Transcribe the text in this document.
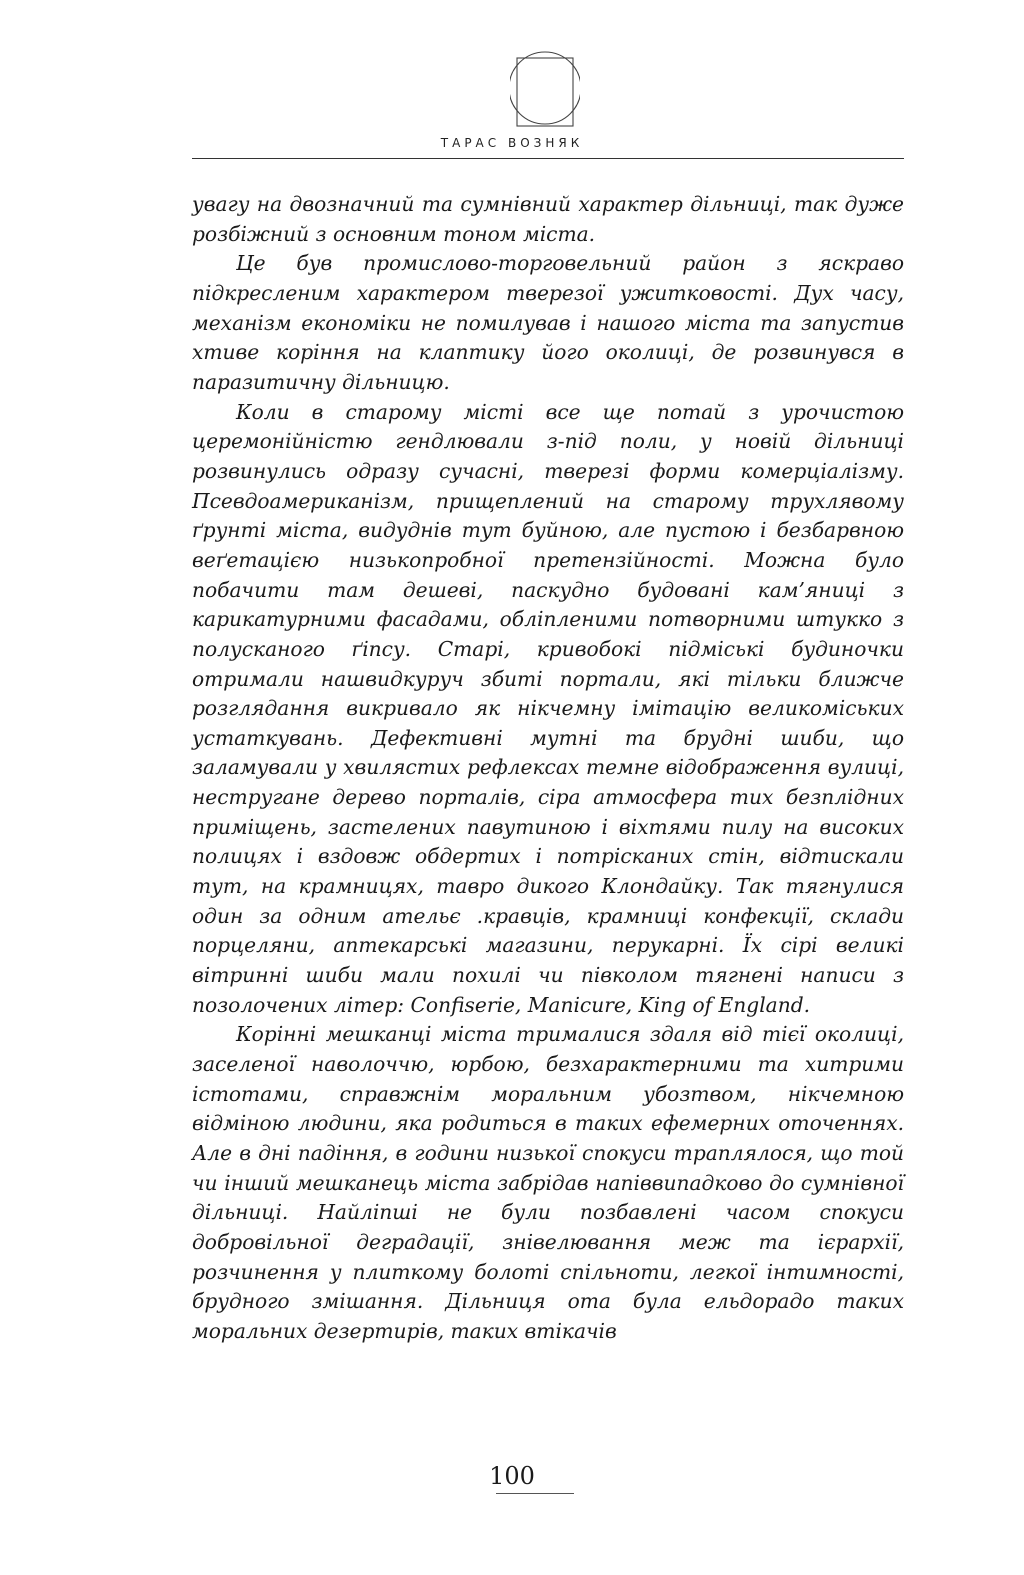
ТАРАС ВОЗНЯК

увагу на двозначний та сумнівний характер дільниці, так дуже розбіжний з основним тоном міста.

Це був промислово-торговельний район з яскраво підкресленим характером тверезої ужитковості. Дух часу, механізм економіки не помилував і нашого міста та запустив хтиве коріння на клаптику його околиці, де розвинувся в паразитичну дільницю.

Коли в старому місті все ще потай з урочистою церемонійністю гендлювали з-під поли, у новій дільниці розвинулись одразу сучасні, тверезі форми комерціалізму. Псевдоамериканізм, прищеплений на старому трухлявому ґрунті міста, видуднів тут буйною, але пустою і безбарвною веґетацією низькопробної претензійності. Можна було побачити там дешеві, паскудно будовані кам’яниці з карикатурними фасадами, обліпленими потворними штукко з полусканого ґіпсу. Старі, кривобокі підміські будиночки отримали нашвидкуруч збиті портали, які тільки ближче розглядання викривало як нікчемну імітацію великоміських устаткувань. Дефективні мутні та брудні шиби, що заламували у хвилястих рефлексах темне відображення вулиці, нестругане дерево порталів, сіра атмосфера тих безплідних приміщень, застелених павутиною і віхтями пилу на високих полицях і вздовж обдертих і потрісканих стін, відтискали тут, на крамницях, тавро дикого Клондайку. Так тягнулися один за одним ательє .кравців, крамниці конфекції, склади порцеляни, аптекарські магазини, перукарні. Їх сірі великі вітринні шиби мали похилі чи півколом тягнені написи з позолочених літер: Confiserie, Manicure, King of England.

Корінні мешканці міста трималися здаля від тієї околиці, заселеної наволоччю, юрбою, безхарактерними та хитрими істотами, справжнім моральним убозтвом, нікчемною відміною людини, яка родиться в таких ефемерних оточеннях. Але в дні падіння, в години низької спокуси траплялося, що той чи інший мешканець міста забрідав напіввипадково до сумнівної дільниці. Найліпші не були позбавлені часом спокуси добровільної деградації, знівелювання меж та ієрархії, розчинення у плиткому болоті спільноти, легкої інтимності, брудного змішання. Дільниця ота була ельдорадо таких моральних дезертирів, таких втікачів

100
